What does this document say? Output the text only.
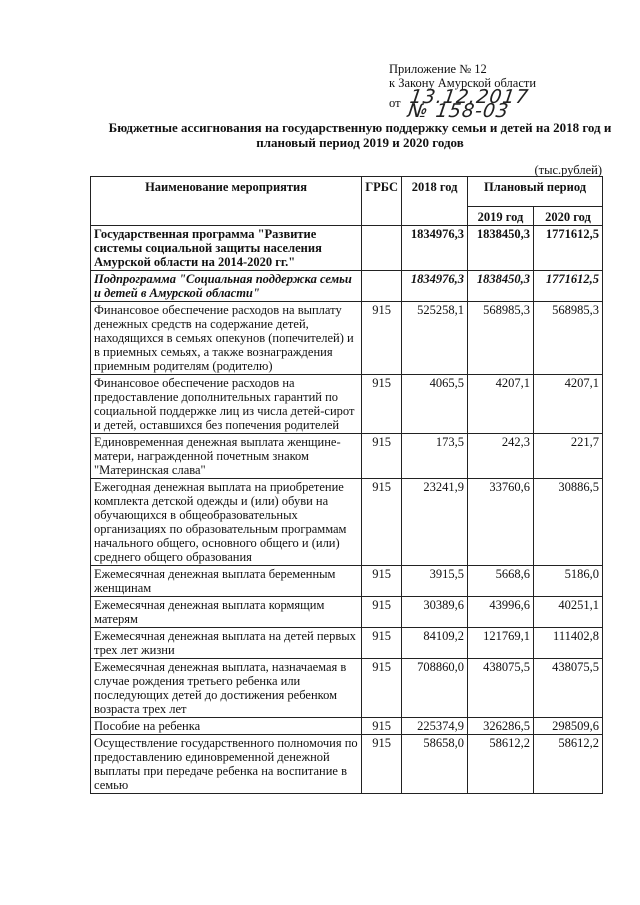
Приложение № 12
к Закону Амурской области
от 13.12.2017 № 158-03
Бюджетные ассигнования на государственную поддержку семьи и детей на 2018 год и плановый период 2019 и 2020 годов
(тыс.рублей)
Наименование мероприятия	ГРБС	2018 год	Плановый период	
			2019 год	2020 год
Государственная программа "Развитие системы социальной защиты населения Амурской области на 2014-2020 гг."		1834976,3	1838450,3	1771612,5
Подпрограмма "Социальная поддержка семьи и детей в Амурской области"		1834976,3	1838450,3	1771612,5
Финансовое обеспечение расходов на выплату денежных средств на содержание детей, находящихся в семьях опекунов (попечителей) и в приемных семьях, а также вознаграждения приемным родителям (родителю)	915	525258,1	568985,3	568985,3
Финансовое обеспечение расходов на предоставление дополнительных гарантий по социальной поддержке лиц из числа детей-сирот и детей, оставшихся без попечения родителей	915	4065,5	4207,1	4207,1
Единовременная денежная выплата женщине-матери, награжденной почетным знаком "Материнская слава"	915	173,5	242,3	221,7
Ежегодная денежная выплата на приобретение комплекта детской одежды и (или) обуви на обучающихся в общеобразовательных организациях по образовательным программам начального общего, основного общего и (или) среднего общего образования	915	23241,9	33760,6	30886,5
Ежемесячная денежная выплата беременным женщинам	915	3915,5	5668,6	5186,0
Ежемесячная денежная выплата кормящим матерям	915	30389,6	43996,6	40251,1
Ежемесячная денежная выплата на детей первых трех лет жизни	915	84109,2	121769,1	111402,8
Ежемесячная денежная выплата, назначаемая в случае рождения третьего ребенка или последующих детей до достижения ребенком возраста трех лет	915	708860,0	438075,5	438075,5
Пособие на ребенка	915	225374,9	326286,5	298509,6
Осуществление государственного полномочия по предоставлению единовременной денежной выплаты при передаче ребенка на воспитание в семью	915	58658,0	58612,2	58612,2
